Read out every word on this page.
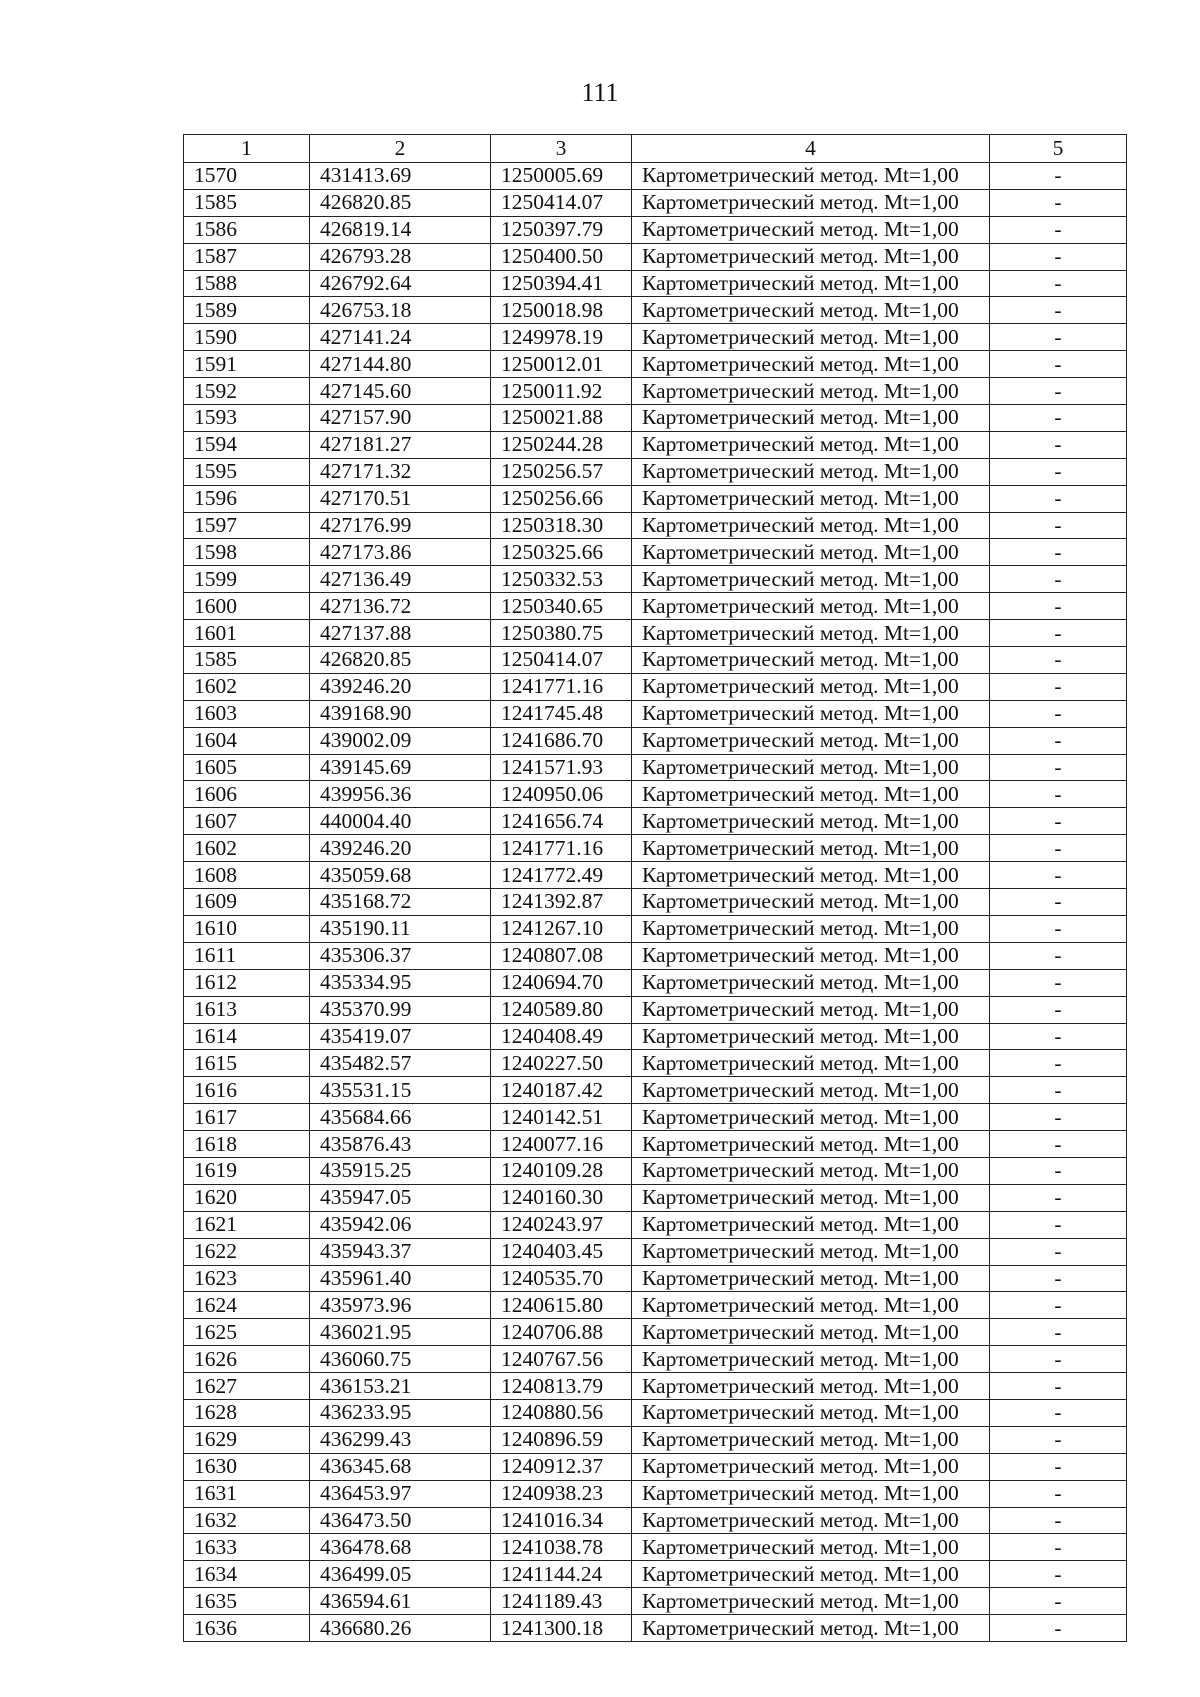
111
1	2	3	4	5
1570	431413.69	1250005.69	Картометрический метод. Mt=1,00	-
1585	426820.85	1250414.07	Картометрический метод. Mt=1,00	-
1586	426819.14	1250397.79	Картометрический метод. Mt=1,00	-
1587	426793.28	1250400.50	Картометрический метод. Mt=1,00	-
1588	426792.64	1250394.41	Картометрический метод. Mt=1,00	-
1589	426753.18	1250018.98	Картометрический метод. Mt=1,00	-
1590	427141.24	1249978.19	Картометрический метод. Mt=1,00	-
1591	427144.80	1250012.01	Картометрический метод. Mt=1,00	-
1592	427145.60	1250011.92	Картометрический метод. Mt=1,00	-
1593	427157.90	1250021.88	Картометрический метод. Mt=1,00	-
1594	427181.27	1250244.28	Картометрический метод. Mt=1,00	-
1595	427171.32	1250256.57	Картометрический метод. Mt=1,00	-
1596	427170.51	1250256.66	Картометрический метод. Mt=1,00	-
1597	427176.99	1250318.30	Картометрический метод. Mt=1,00	-
1598	427173.86	1250325.66	Картометрический метод. Mt=1,00	-
1599	427136.49	1250332.53	Картометрический метод. Mt=1,00	-
1600	427136.72	1250340.65	Картометрический метод. Mt=1,00	-
1601	427137.88	1250380.75	Картометрический метод. Mt=1,00	-
1585	426820.85	1250414.07	Картометрический метод. Mt=1,00	-
1602	439246.20	1241771.16	Картометрический метод. Mt=1,00	-
1603	439168.90	1241745.48	Картометрический метод. Mt=1,00	-
1604	439002.09	1241686.70	Картометрический метод. Mt=1,00	-
1605	439145.69	1241571.93	Картометрический метод. Mt=1,00	-
1606	439956.36	1240950.06	Картометрический метод. Mt=1,00	-
1607	440004.40	1241656.74	Картометрический метод. Mt=1,00	-
1602	439246.20	1241771.16	Картометрический метод. Mt=1,00	-
1608	435059.68	1241772.49	Картометрический метод. Mt=1,00	-
1609	435168.72	1241392.87	Картометрический метод. Mt=1,00	-
1610	435190.11	1241267.10	Картометрический метод. Mt=1,00	-
1611	435306.37	1240807.08	Картометрический метод. Mt=1,00	-
1612	435334.95	1240694.70	Картометрический метод. Mt=1,00	-
1613	435370.99	1240589.80	Картометрический метод. Mt=1,00	-
1614	435419.07	1240408.49	Картометрический метод. Mt=1,00	-
1615	435482.57	1240227.50	Картометрический метод. Mt=1,00	-
1616	435531.15	1240187.42	Картометрический метод. Mt=1,00	-
1617	435684.66	1240142.51	Картометрический метод. Mt=1,00	-
1618	435876.43	1240077.16	Картометрический метод. Mt=1,00	-
1619	435915.25	1240109.28	Картометрический метод. Mt=1,00	-
1620	435947.05	1240160.30	Картометрический метод. Mt=1,00	-
1621	435942.06	1240243.97	Картометрический метод. Mt=1,00	-
1622	435943.37	1240403.45	Картометрический метод. Mt=1,00	-
1623	435961.40	1240535.70	Картометрический метод. Mt=1,00	-
1624	435973.96	1240615.80	Картометрический метод. Mt=1,00	-
1625	436021.95	1240706.88	Картометрический метод. Mt=1,00	-
1626	436060.75	1240767.56	Картометрический метод. Mt=1,00	-
1627	436153.21	1240813.79	Картометрический метод. Mt=1,00	-
1628	436233.95	1240880.56	Картометрический метод. Mt=1,00	-
1629	436299.43	1240896.59	Картометрический метод. Mt=1,00	-
1630	436345.68	1240912.37	Картометрический метод. Mt=1,00	-
1631	436453.97	1240938.23	Картометрический метод. Mt=1,00	-
1632	436473.50	1241016.34	Картометрический метод. Mt=1,00	-
1633	436478.68	1241038.78	Картометрический метод. Mt=1,00	-
1634	436499.05	1241144.24	Картометрический метод. Mt=1,00	-
1635	436594.61	1241189.43	Картометрический метод. Mt=1,00	-
1636	436680.26	1241300.18	Картометрический метод. Mt=1,00	-
